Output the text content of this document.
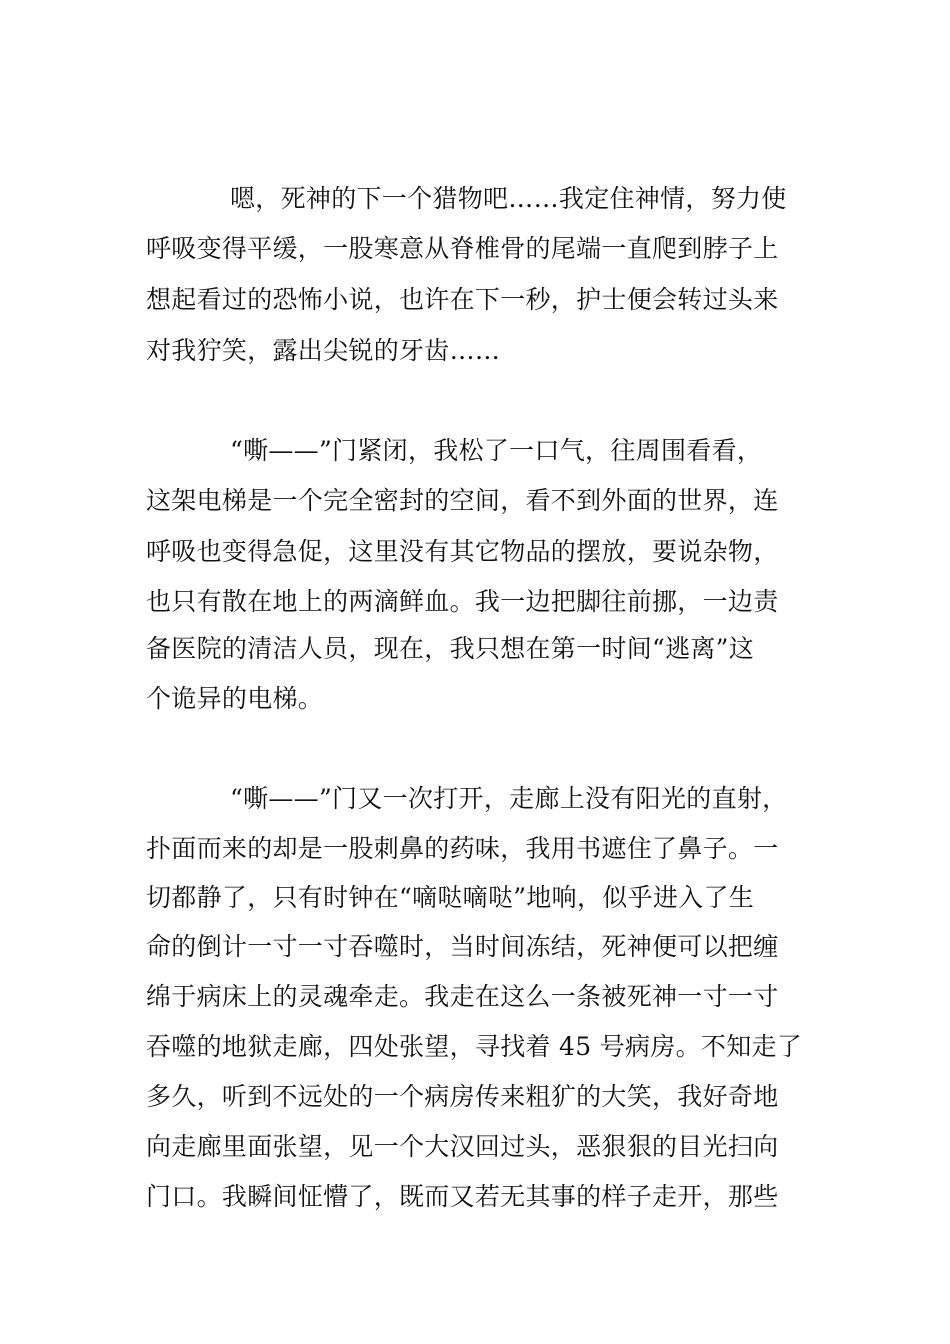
嗯，死神的下一个猎物吧……我定住神情，努力使
呼吸变得平缓，一股寒意从脊椎骨的尾端一直爬到脖子上
想起看过的恐怖小说，也许在下一秒，护士便会转过头来
对我狞笑，露出尖锐的牙齿……
“嘶——”门紧闭，我松了一口气，往周围看看，
这架电梯是一个完全密封的空间，看不到外面的世界，连
呼吸也变得急促，这里没有其它物品的摆放，要说杂物，
也只有散在地上的两滴鲜血。我一边把脚往前挪，一边责
备医院的清洁人员，现在，我只想在第一时间“逃离”这
个诡异的电梯。
“嘶——”门又一次打开，走廊上没有阳光的直射，
扑面而来的却是一股刺鼻的药味，我用书遮住了鼻子。一
切都静了，只有时钟在“嘀哒嘀哒”地响，似乎进入了生
命的倒计一寸一寸吞噬时，当时间冻结，死神便可以把缠
绵于病床上的灵魂牵走。我走在这么一条被死神一寸一寸
吞噬的地狱走廊，四处张望，寻找着 45 号病房。不知走了
多久，听到不远处的一个病房传来粗犷的大笑，我好奇地
向走廊里面张望，见一个大汉回过头，恶狠狠的目光扫向
门口。我瞬间怔懵了，既而又若无其事的样子走开，那些
